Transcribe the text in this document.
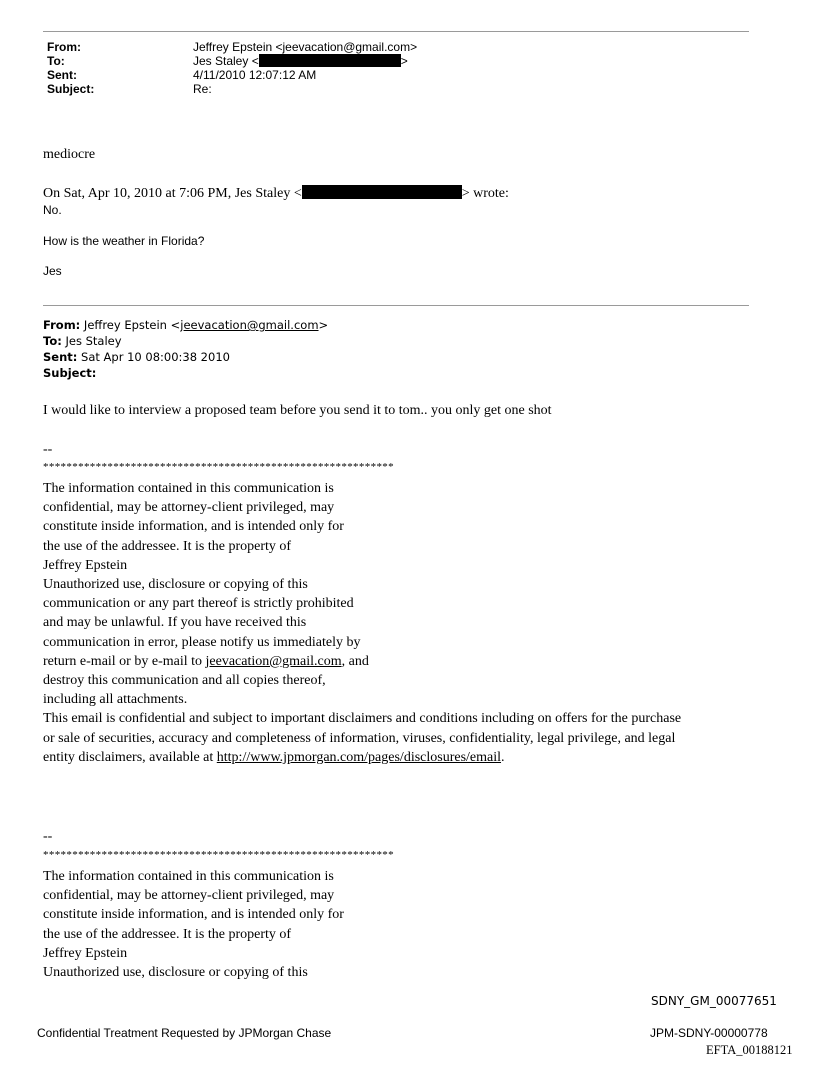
From:	Jeffrey Epstein <jeevacation@gmail.com>
To:	Jes Staley <	>
Sent:	4/11/2010 12:07:12 AM
Subject:	Re:
mediocre
On Sat, Apr 10, 2010 at 7:06 PM, Jes Staley <	> wrote:
No.
How is the weather in Florida?
Jes
From: Jeffrey Epstein <jeevacation@gmail.com>
To: Jes Staley
Sent: Sat Apr 10 08:00:38 2010
Subject:
I would like to interview a proposed team before you send it to tom.. you only get one shot
--
************************************************************
The information contained in this communication is
confidential, may be attorney-client privileged, may
constitute inside information, and is intended only for
the use of the addressee. It is the property of
Jeffrey Epstein
Unauthorized use, disclosure or copying of this
communication or any part thereof is strictly prohibited
and may be unlawful. If you have received this
communication in error, please notify us immediately by
return e-mail or by e-mail to jeevacation@gmail.com, and
destroy this communication and all copies thereof,
including all attachments.
This email is confidential and subject to important disclaimers and conditions including on offers for the purchase
or sale of securities, accuracy and completeness of information, viruses, confidentiality, legal privilege, and legal
entity disclaimers, available at http://www.jpmorgan.com/pages/disclosures/email.
--
************************************************************
The information contained in this communication is
confidential, may be attorney-client privileged, may
constitute inside information, and is intended only for
the use of the addressee. It is the property of
Jeffrey Epstein
Unauthorized use, disclosure or copying of this
SDNY_GM_00077651
Confidential Treatment Requested by JPMorgan Chase	JPM-SDNY-00000778
EFTA_00188121
